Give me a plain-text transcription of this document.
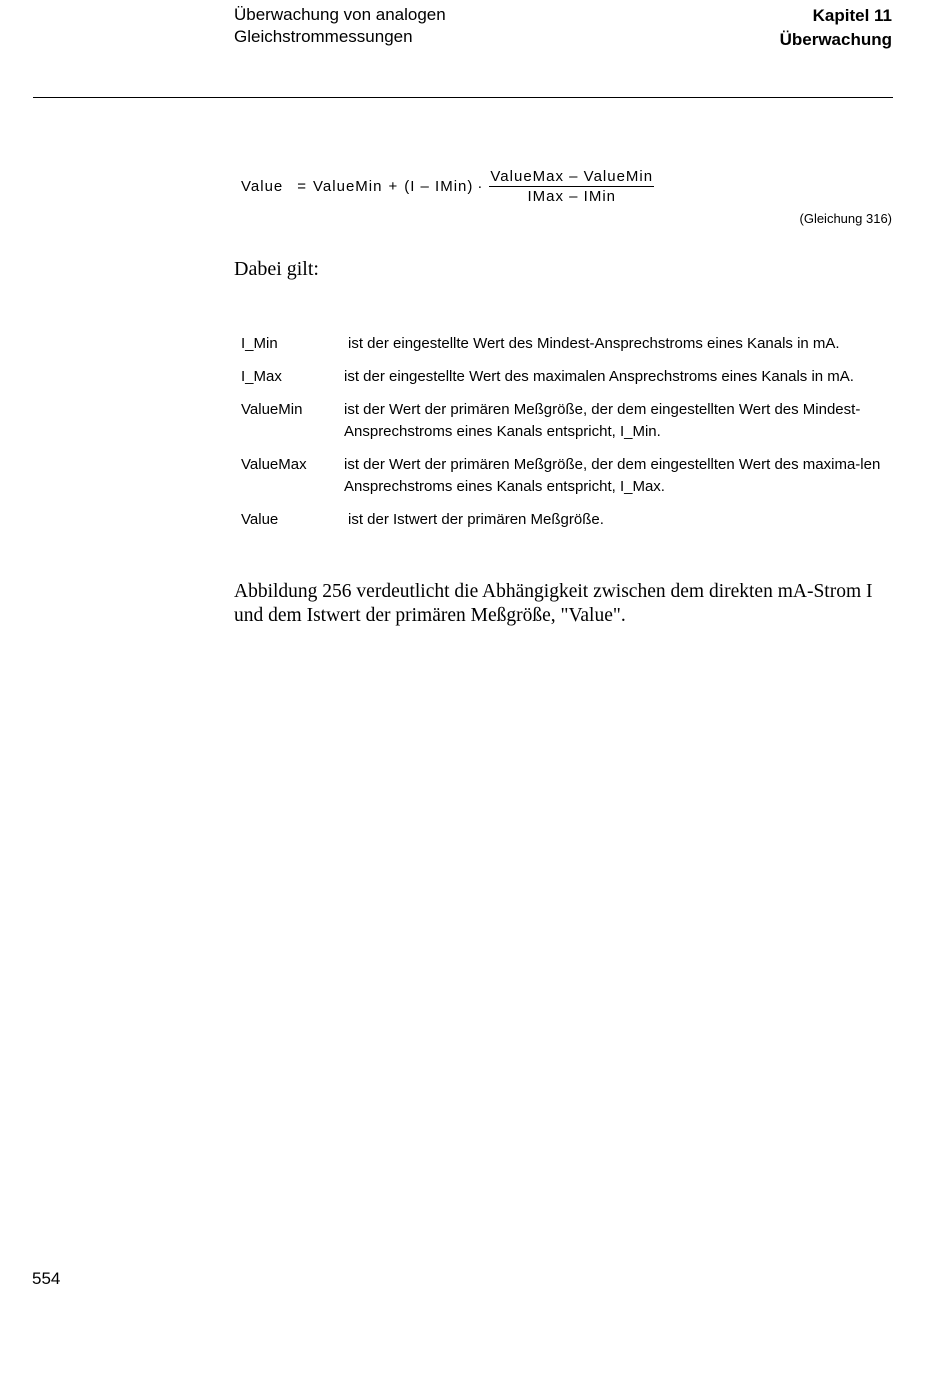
Überwachung von analogen
Gleichstrommessungen
Kapitel 11
Überwachung
Value = ValueMin + (I – IMin) · $\frac{\text{ValueMax – ValueMin}}{\text{IMax – IMin}}$
(Gleichung 316)
Dabei gilt:
I_Min	ist der eingestellte Wert des Mindest-Ansprechstroms eines Kanals in mA.
I_Max	ist der eingestellte Wert des maximalen Ansprechstroms eines Kanals in mA.
ValueMin	ist der Wert der primären Meßgröße, der dem eingestellten Wert des Mindest-Ansprechstroms eines Kanals entspricht, I_Min.
ValueMax	ist der Wert der primären Meßgröße, der dem eingestellten Wert des maxima-len Ansprechstroms eines Kanals entspricht, I_Max.
Value	ist der Istwert der primären Meßgröße.
Abbildung 256 verdeutlicht die Abhängigkeit zwischen dem direkten mA-Strom I und dem Istwert der primären Meßgröße, "Value".
554
